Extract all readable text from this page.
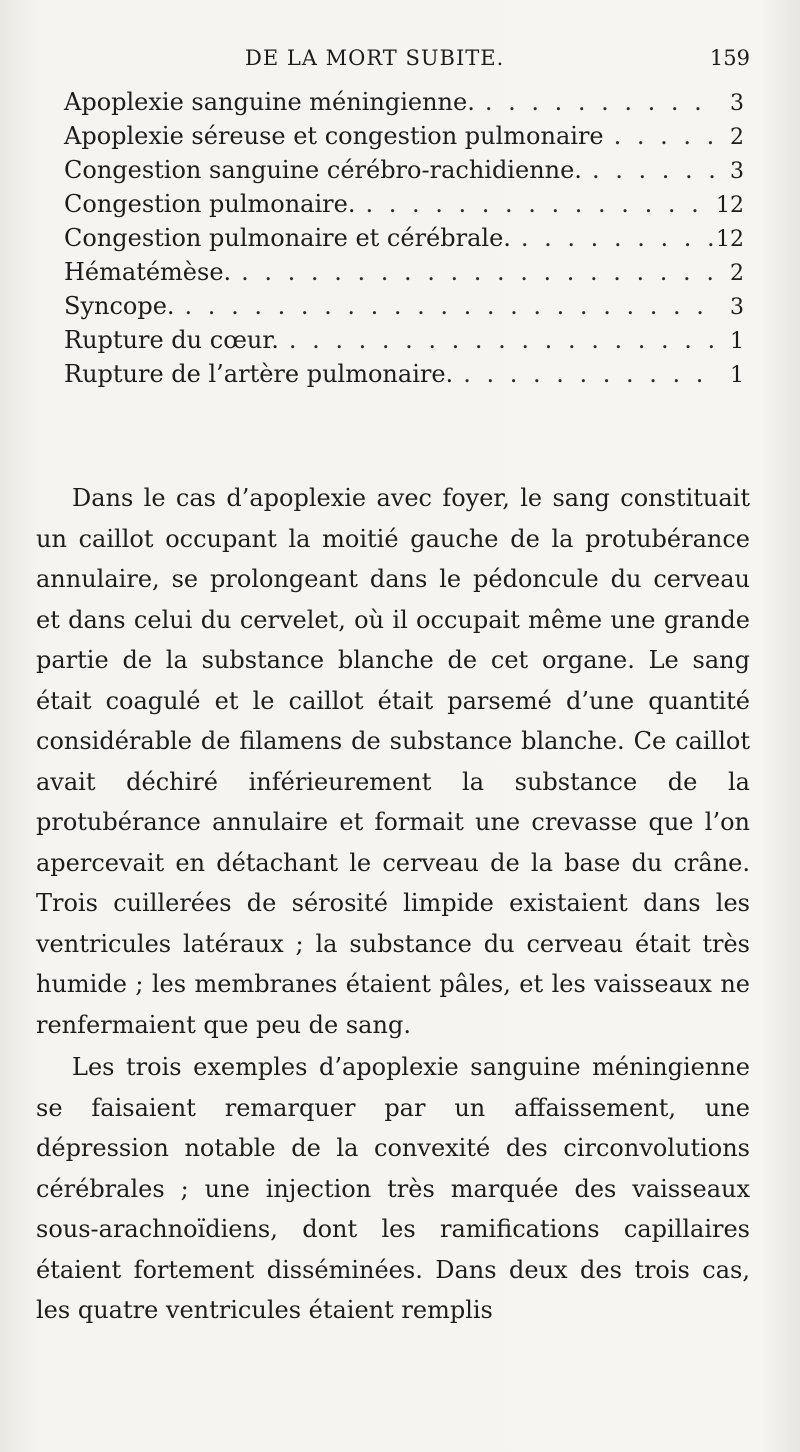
DE LA MORT SUBITE.	159
Apoplexie sanguine méningienne. . . .	3
Apoplexie séreuse et congestion pulmonaire . . .	2
Congestion sanguine cérébro-rachidienne. . . .	3
Congestion pulmonaire. . . .	12
Congestion pulmonaire et cérébrale. . . .	12
Hématémèse. . . .	2
Syncope. . . .	3
Rupture du cœur. . . .	1
Rupture de l’artère pulmonaire. . . .	1

Dans le cas d’apoplexie avec foyer, le sang constituait un caillot occupant la moitié gauche de la protubérance annulaire, se prolongeant dans le pédoncule du cerveau et dans celui du cervelet, où il occupait même une grande partie de la substance blanche de cet organe. Le sang était coagulé et le caillot était parsemé d’une quantité considérable de filamens de substance blanche. Ce caillot avait déchiré inférieurement la substance de la protubérance annulaire et formait une crevasse que l’on apercevait en détachant le cerveau de la base du crâne. Trois cuillerées de sérosité limpide existaient dans les ventricules latéraux ; la substance du cerveau était très humide ; les membranes étaient pâles, et les vaisseaux ne renfermaient que peu de sang.

Les trois exemples d’apoplexie sanguine méningienne se faisaient remarquer par un affaissement, une dépression notable de la convexité des circonvolutions cérébrales ; une injection très marquée des vaisseaux sous-arachnoïdiens, dont les ramifications capillaires étaient fortement disséminées. Dans deux des trois cas, les quatre ventricules étaient remplis
